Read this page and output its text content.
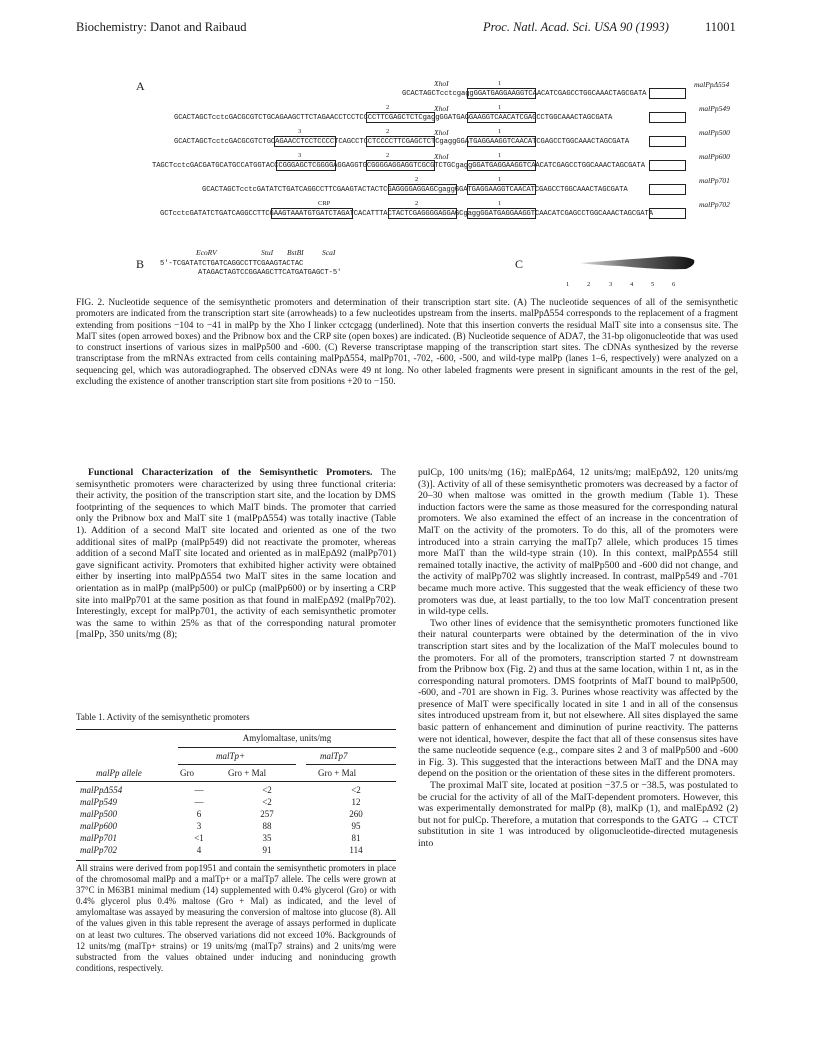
Biochemistry: Danot and Raibaud	Proc. Natl. Acad. Sci. USA 90 (1993)	11001
A	XhoI	1	malPpΔ554
GCACTAGCTcctcgaggGGATGAGGAAGGTCAACATCGAGCCTGGCAAACTAGCGATA
2	XhoI	1	malPp549
GCACTAGCTcctcGACGCGTCTGCAGAAGCTTCTAGAACCTCCTCCCCTTCGAGCTCTCgaggGGATGAGGAAGGTCAACATCGAGCCTGGCAAACTAGCGATA
3	2	XhoI	1	malPp500
GCACTAGCTcctcGACGCGTCTGCAGAACCTCCTCCCCTCAGCCTCCTCCCCTTCGAGCTCTCgaggGGATGAGGAAGGTCAACATCGAGCCTGGCAAACTAGCGATA
3	2	XhoI	1	malPp600
TAGCTcctcGACGATGCATGCCATGGTACCCGGGAGCTCGGGGAGGAGGTGCGGGGAGGAGGTCGCGTCTGCgaggGGATGAGGAAGGTCAACATCGAGCCTGGCAAACTAGCGATA
2	1	malPp701
GCACTAGCTcctcGATATCTGATCAGGCCTTCGAAGTACTACTCGAGGGGAGGAGCgaggGGATGAGGAAGGTCAACATCGAGCCTGGCAAACTAGCGATA
CRP	2	1	malPp702
GCTcctcGATATCTGATCAGGCCTTCGAAGTAAATGTGATCTAGATCACATTTACTACTCGAGGGGAGGAGCgaggGGATGAGGAAGGTCAACATCGAGCCTGGCAAACTAGCGATA
B
EcoRV	StuI BstBI ScaI
5'-TCGATATCTGATCAGGCCTTCGAAGTACTAC
ATAGACTAGTCCGGAAGCTTCATGATGAGCT-5'
C
1	2	3	4	5	6
FIG. 2. Nucleotide sequence of the semisynthetic promoters and determination of their transcription start site. (A) The nucleotide sequences of all of the semisynthetic promoters are indicated from the transcription start site (arrowheads) to a few nucleotides upstream from the inserts. malPpΔ554 corresponds to the replacement of a fragment extending from positions −104 to −41 in malPp by the Xho I linker cctcgagg (underlined). Note that this insertion converts the residual MalT site into a consensus site. The MalT sites (open arrowed boxes) and the Pribnow box and the CRP site (open boxes) are indicated. (B) Nucleotide sequence of ADA7, the 31-bp oligonucleotide that was used to construct insertions of various sizes in malPp500 and -600. (C) Reverse transcriptase mapping of the transcription start sites. The cDNAs synthesized by the reverse transcriptase from the mRNAs extracted from cells containing malPpΔ554, malPp701, -702, -600, -500, and wild-type malPp (lanes 1–6, respectively) were analyzed on a sequencing gel, which was autoradiographed. The observed cDNAs were 49 nt long. No other labeled fragments were present in significant amounts in the rest of the gel, excluding the existence of another transcription start site from positions +20 to −150.

Functional Characterization of the Semisynthetic Promoters. The semisynthetic promoters were characterized by using three functional criteria: their activity, the position of the transcription start site, and the location by DMS footprinting of the sequences to which MalT binds. The promoter that carried only the Pribnow box and MalT site 1 (malPpΔ554) was totally inactive (Table 1). Addition of a second MalT site located and oriented as one of the two additional sites of malPp (malPp549) did not reactivate the promoter, whereas addition of a second MalT site located and oriented as in malEpΔ92 (malPp701) gave significant activity. Promoters that exhibited higher activity were obtained either by inserting into malPpΔ554 two MalT sites in the same location and orientation as in malPp (malPp500) or pulCp (malPp600) or by inserting a CRP site into malPp701 at the same position as that found in malEpΔ92 (malPp702). Interestingly, except for malPp701, the activity of each semisynthetic promoter was the same to within 25% as that of the corresponding natural promoter [malPp, 350 units/mg (8);

Table 1. Activity of the semisynthetic promoters
Amylomaltase, units/mg
malTp+	malTp7
malPp allele	Gro	Gro + Mal	Gro + Mal
malPpΔ554	—	<2	<2
malPp549	—	<2	12
malPp500	6	257	260
malPp600	3	88	95
malPp701	<1	35	81
malPp702	4	91	114
All strains were derived from pop1951 and contain the semisynthetic promoters in place of the chromosomal malPp and a malTp+ or a malTp7 allele. The cells were grown at 37°C in M63B1 minimal medium (14) supplemented with 0.4% glycerol (Gro) or with 0.4% glycerol plus 0.4% maltose (Gro + Mal) as indicated, and the level of amylomaltase was assayed by measuring the conversion of maltose into glucose (8). All of the values given in this table represent the average of assays performed in duplicate on at least two cultures. The observed variations did not exceed 10%. Backgrounds of 12 units/mg (malTp+ strains) or 19 units/mg (malTp7 strains) and 2 units/mg were substracted from the values obtained under inducing and noninducing growth conditions, respectively.

pulCp, 100 units/mg (16); malEpΔ64, 12 units/mg; malEpΔ92, 120 units/mg (3)]. Activity of all of these semisynthetic promoters was decreased by a factor of 20–30 when maltose was omitted in the growth medium (Table 1). These induction factors were the same as those measured for the corresponding natural promoters. We also examined the effect of an increase in the concentration of MalT on the activity of the promoters. To do this, all of the promoters were introduced into a strain carrying the malTp7 allele, which produces 15 times more MalT than the wild-type strain (10). In this context, malPpΔ554 still remained totally inactive, the activity of malPp500 and -600 did not change, and the activity of malPp702 was slightly increased. In contrast, malPp549 and -701 became much more active. This suggested that the weak efficiency of these two promoters was due, at least partially, to the too low MalT concentration present in wild-type cells.

Two other lines of evidence that the semisynthetic promoters functioned like their natural counterparts were obtained by the determination of the in vivo transcription start sites and by the localization of the MalT molecules bound to the promoters. For all of the promoters, transcription started 7 nt downstream from the Pribnow box (Fig. 2) and thus at the same location, within 1 nt, as in the corresponding natural promoters. DMS footprints of MalT bound to malPp500, -600, and -701 are shown in Fig. 3. Purines whose reactivity was affected by the presence of MalT were specifically located in site 1 and in all of the consensus sites introduced upstream from it, but not elsewhere. All sites displayed the same basic pattern of enhancement and diminution of purine reactivity. The patterns were not identical, however, despite the fact that all of these consensus sites have the same nucleotide sequence (e.g., compare sites 2 and 3 of malPp500 and -600 in Fig. 3). This suggested that the interactions between MalT and the DNA may depend on the position or the orientation of these sites in the different promoters.

The proximal MalT site, located at position −37.5 or −38.5, was postulated to be crucial for the activity of all of the MalT-dependent promoters. However, this was experimentally demonstrated for malPp (8), malKp (1), and malEpΔ92 (2) but not for pulCp. Therefore, a mutation that corresponds to the GATG → CTCT substitution in site 1 was introduced by oligonucleotide-directed mutagenesis into
